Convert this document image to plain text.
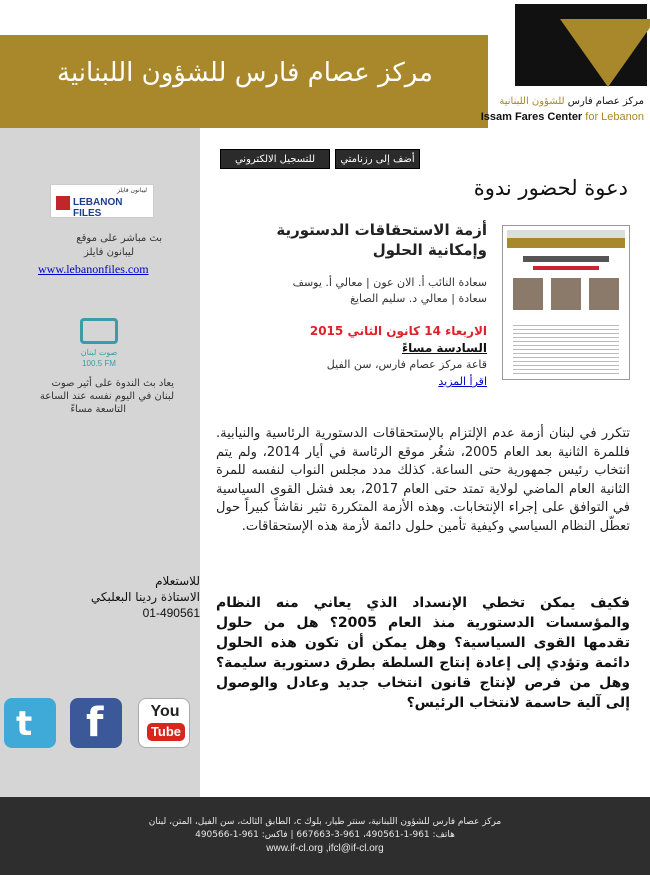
مركز عصام فارس للشؤون اللبنانية
مركز عصام فارس للشؤون اللبنانية
Issam Fares Center for Lebanon
ليبانون فايلز
LEBANON FILES
بث مباشر على موقع
ليبانون فايلز
www.lebanonfiles.com
صوت لبنان
100.5 FM
يعاد بث الندوة على أثير صوت
لبنان في اليوم نفسه عند الساعة
التاسعة مساءً
للاستعلام
الاستاذة ردينا البعلبكي
01-490561
t f	You
Tube
للتسجيل الالكتروني	أضف إلى رزنامتي
دعوة لحضور ندوة
أزمة الاستحقاقات الدستورية
وإمكانية الحلول
سعادة النائب أ. الان عون | معالي أ. يوسف
سعادة | معالي د. سليم الصايغ
الاربعاء 14 كانون الثاني 2015
السادسة مساءً
قاعة مركز عصام فارس، سن الفيل
اقرأ المزيد
تتكرر في لبنان أزمة عدم الإلتزام بالإستحقاقات الدستورية الرئاسية والنيابية. فللمرة الثانية بعد العام 2005، شغُر موقع الرئاسة في أيار 2014، ولم يتم انتخاب رئيس جمهورية حتى الساعة. كذلك مدد مجلس النواب لنفسه للمرة الثانية العام الماضي لولاية تمتد حتى العام 2017، بعد فشل القوى السياسية في التوافق على إجراء الإنتخابات. وهذه الأزمة المتكررة تثير نقاشاً كبيراً حول تعطّل النظام السياسي وكيفية تأمين حلول دائمة لأزمة هذه الإستحقاقات.
فكيف يمكن تخطي الإنسداد الذي يعاني منه النظام والمؤسسات الدستورية منذ العام 2005؟ هل من حلول تقدمها القوى السياسية؟ وهل يمكن أن تكون هذه الحلول دائمة وتؤدي إلى إعادة إنتاج السلطة بطرق دستورية سليمة؟ وهل من فرص لإنتاج قانون انتخاب جديد وعادل والوصول إلى آلية حاسمة لانتخاب الرئيس؟
مركز عصام فارس للشؤون اللبنانية، سنتر طيار، بلوك c، الطابق الثالث، سن الفيل، المتن، لبنان
هاتف: 961-1-490561، 961-3-667663 | فاكس: 961-1-490566
www.if-cl.org ,ifcl@if-cl.org
